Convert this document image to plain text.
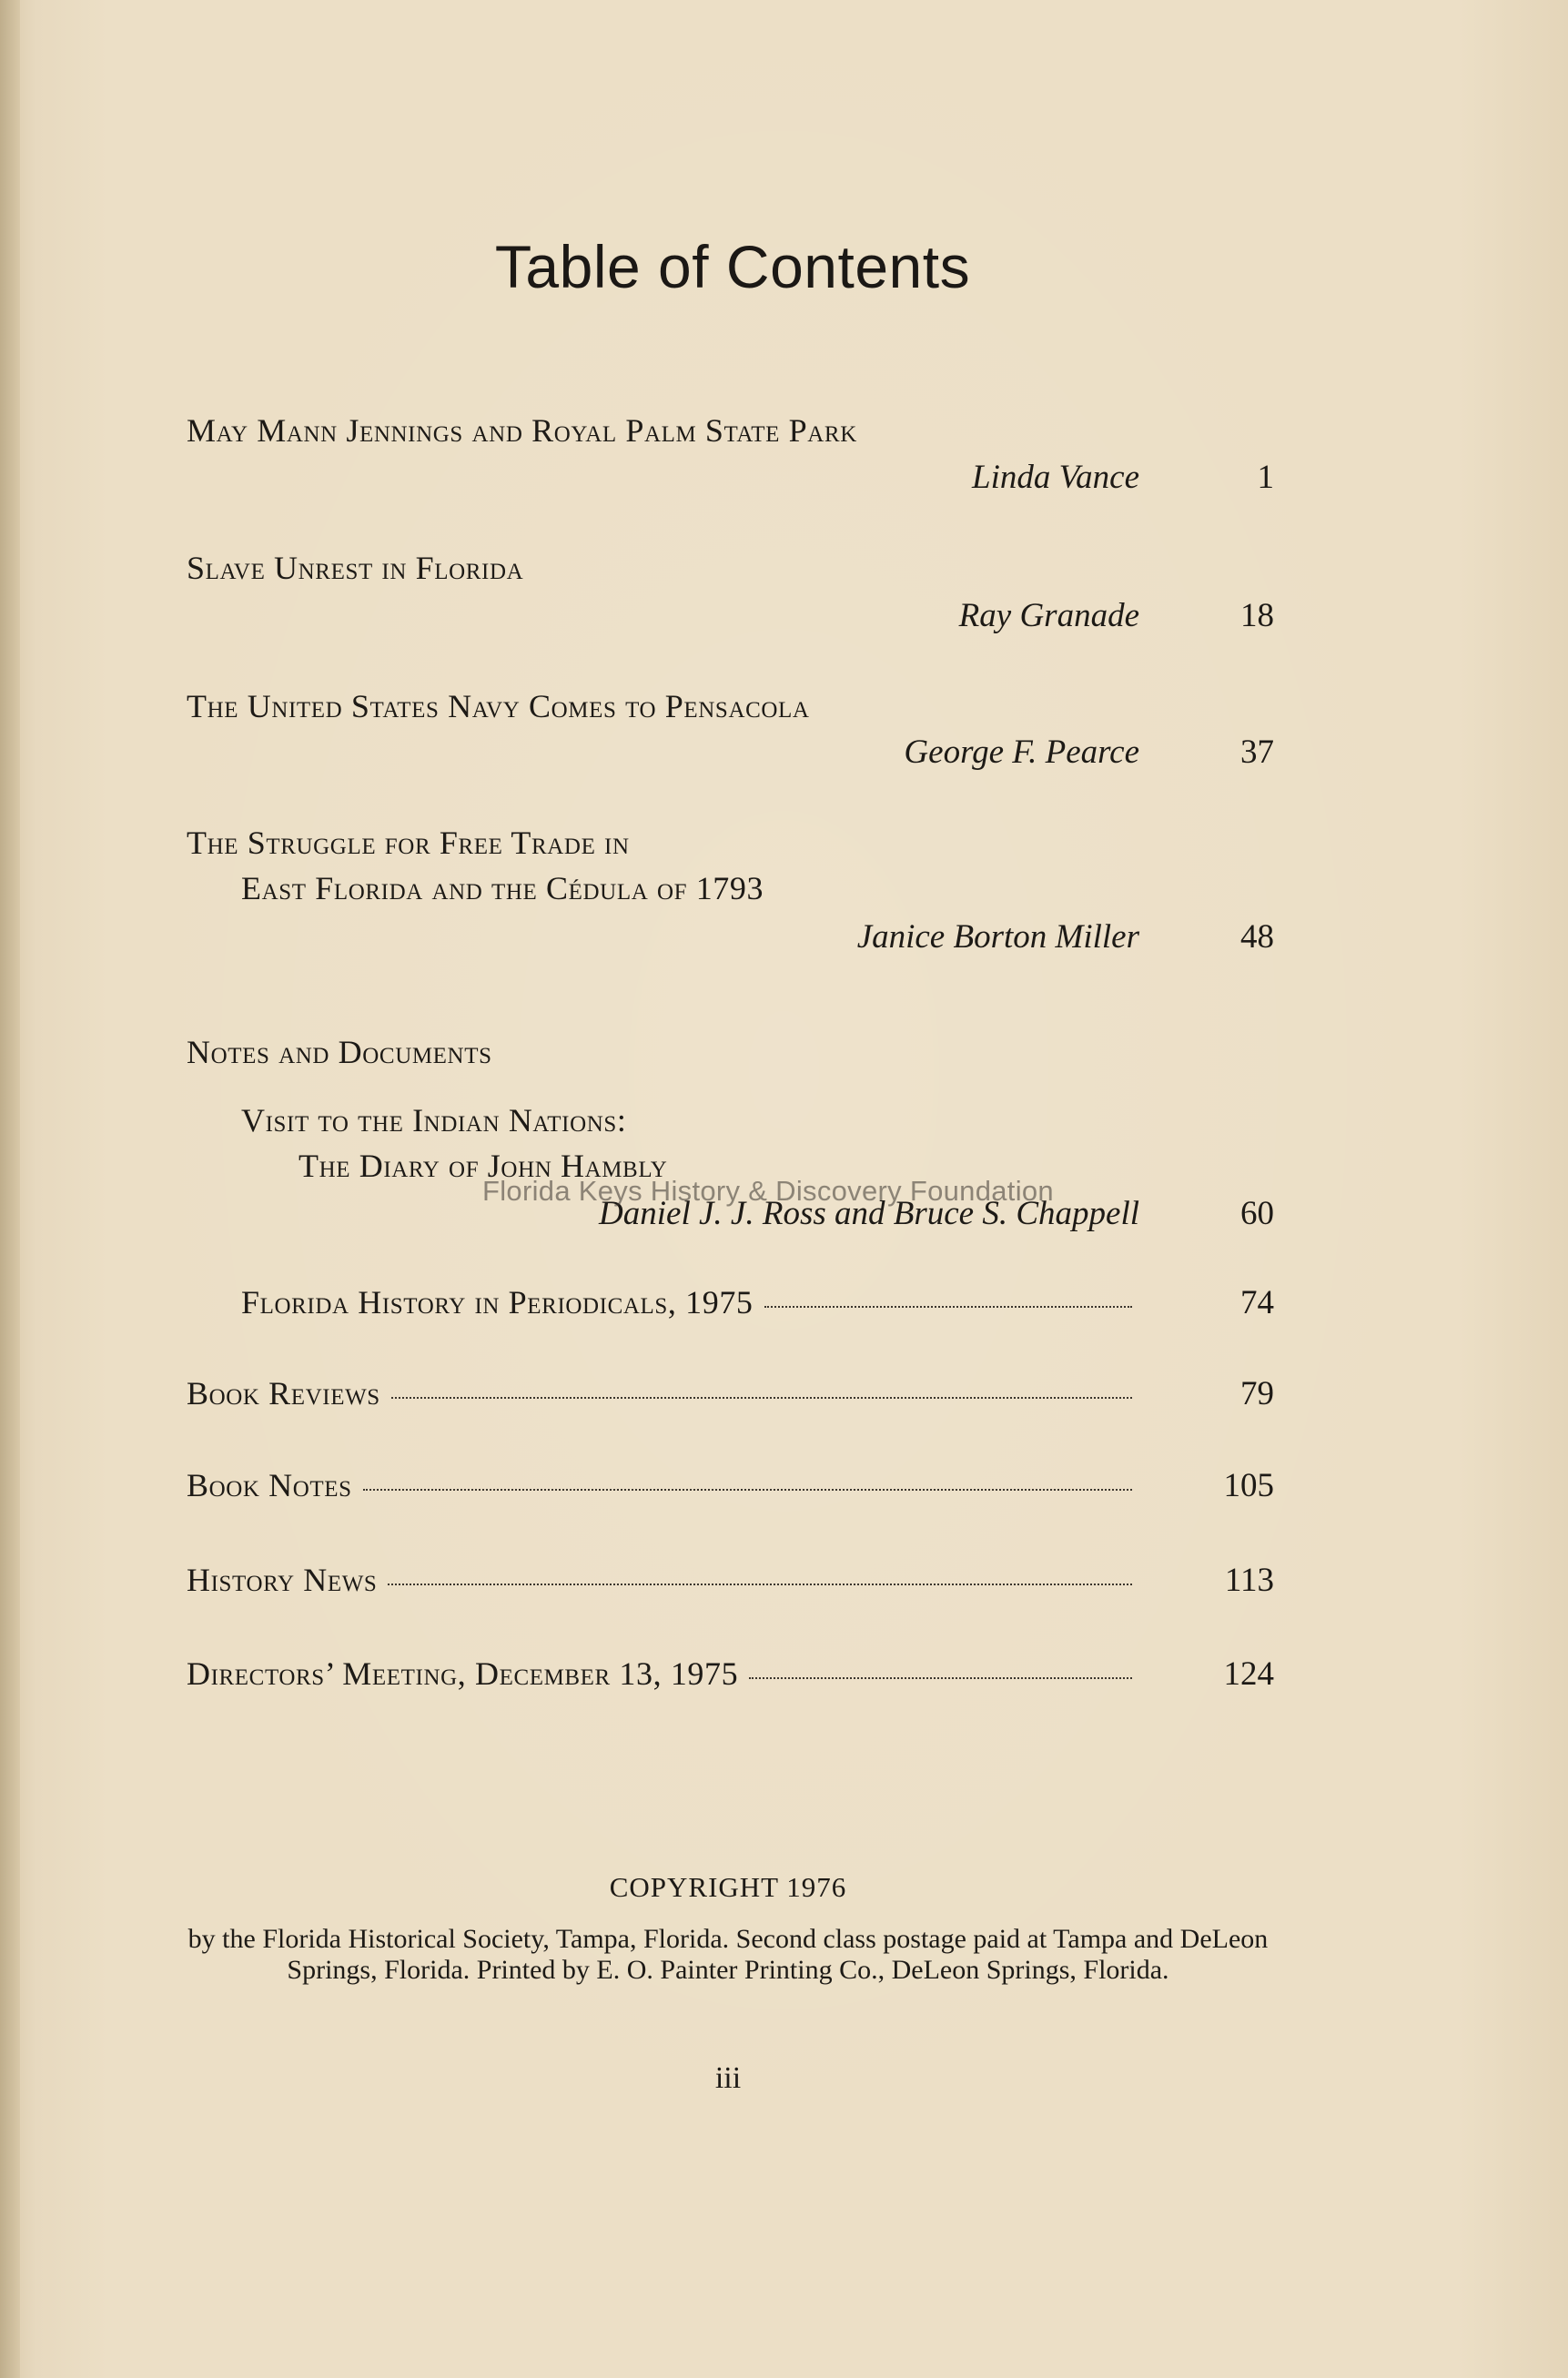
Table of Contents
May Mann Jennings and Royal Palm State Park
Linda Vance	1
Slave Unrest in Florida
Ray Granade	18
The United States Navy Comes to Pensacola
George F. Pearce	37
The Struggle for Free Trade in
East Florida and the Cédula of 1793
Janice Borton Miller	48
Notes and Documents
Visit to the Indian Nations:
The Diary of John Hambly
Daniel J. J. Ross and Bruce S. Chappell	60
Florida Keys History & Discovery Foundation
Florida History in Periodicals, 1975	74
Book Reviews	79
Book Notes	105
History News	113
Directors’ Meeting, December 13, 1975	124
COPYRIGHT 1976
by the Florida Historical Society, Tampa, Florida. Second class postage paid at Tampa and DeLeon Springs, Florida. Printed by E. O. Painter Printing Co., DeLeon Springs, Florida.
iii
